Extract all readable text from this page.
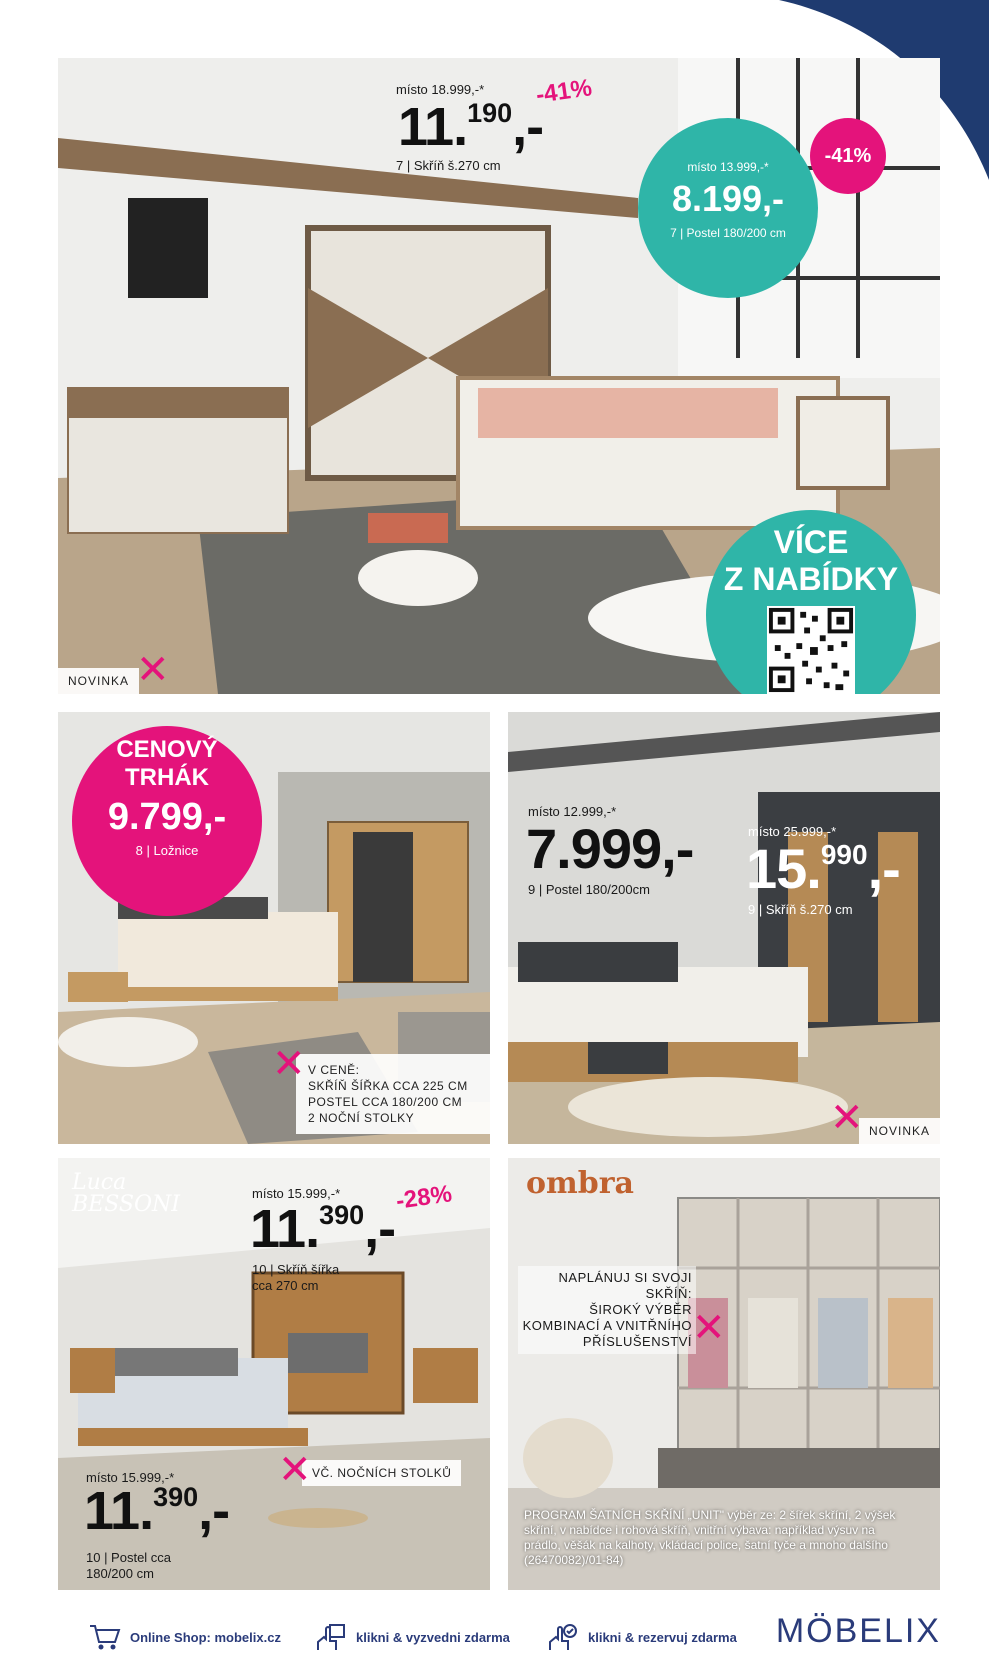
místo 18.999,-*
11.$^{190}$,-
-41%
7 | Skříň š.270 cm	místo 13.999,-*
8.199,-
7 | Postel 180/200 cm
-41%
NOVINKA ✕
VÍCE
Z NABÍDKY
CENOVÝ
TRHÁK
9.799,-
8 | Ložnice
V CENĚ:
SKŘÍŇ ŠÍŘKA CCA 225 CM
POSTEL CCA 180/200 CM
2 NOČNÍ STOLKY
✕
místo 12.999,-*
7.999,-
9 | Postel 180/200cm
místo 25.999,-*
15.$^{990}$,-
9 | Skříň š.270 cm
NOVINKA
✕
Luca BESSONI	místo 15.999,-*
11.$^{390}$,-
-28%
10 | Skříň šířka
cca 270 cm
VČ. NOČNÍCH STOLKŮ
✕
místo 15.999,-*
11.$^{390}$,-
10 | Postel cca
180/200 cm
ombra
NAPLÁNUJ SI SVOJI SKŘÍŇ:
ŠIROKÝ VÝBĚR
KOMBINACÍ A VNITŘNÍHO
PŘÍSLUŠENSTVÍ ✕
PROGRAM ŠATNÍCH SKŘÍNÍ „UNIT" výběr ze: 2 šířek skříní, 2 výšek skříní, v nabídce i rohová skříň, vnitřní výbava: například výsuv na prádlo, věšák na kalhoty, vkládací police, šatní tyče a mnoho dalšího (26470082)/01-84)
Online Shop: mobelix.cz	klikni & vyzvedni zdarma	klikni & rezervuj zdarma MÖBELIX
